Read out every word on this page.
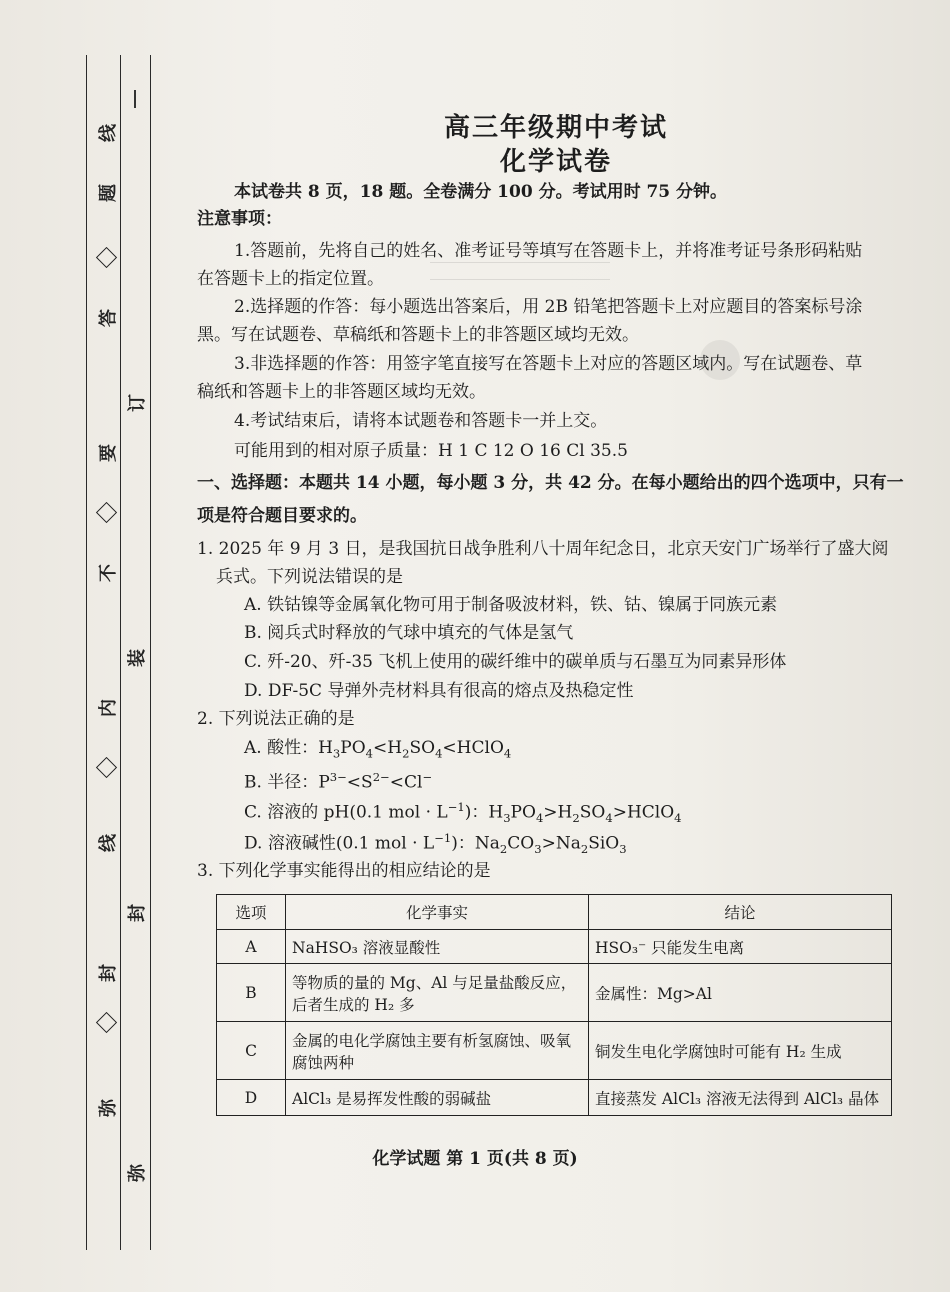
线
题
答
要
不
内
线
封
弥
订
装
封
弥
高三年级期中考试
化学试卷
本试卷共 8 页，18 题。全卷满分 100 分。考试用时 75 分钟。
注意事项：
1.答题前，先将自己的姓名、准考证号等填写在答题卡上，并将准考证号条形码粘贴
在答题卡上的指定位置。
2.选择题的作答：每小题选出答案后，用 2B 铅笔把答题卡上对应题目的答案标号涂
黑。写在试题卷、草稿纸和答题卡上的非答题区域均无效。
3.非选择题的作答：用签字笔直接写在答题卡上对应的答题区域内。写在试题卷、草
稿纸和答题卡上的非答题区域均无效。
4.考试结束后，请将本试题卷和答题卡一并上交。
可能用到的相对原子质量：H 1 C 12 O 16 Cl 35.5
一、选择题：本题共 14 小题，每小题 3 分，共 42 分。在每小题给出的四个选项中，只有一
项是符合题目要求的。
1. 2025 年 9 月 3 日，是我国抗日战争胜利八十周年纪念日，北京天安门广场举行了盛大阅
兵式。下列说法错误的是
A. 铁钴镍等金属氧化物可用于制备吸波材料，铁、钴、镍属于同族元素
B. 阅兵式时释放的气球中填充的气体是氢气
C. 歼-20、歼-35 飞机上使用的碳纤维中的碳单质与石墨互为同素异形体
D. DF-5C 导弹外壳材料具有很高的熔点及热稳定性
2. 下列说法正确的是
A. 酸性：$H_3PO_4<H_2SO_4<HClO_4$
B. 半径：$P^{3-}<S^{2-}<Cl^-$
C. 溶液的 pH(0.1 mol · $L^{-1}$)：$H_3PO_4>H_2SO_4>HClO_4$
D. 溶液碱性(0.1 mol · $L^{-1}$)：$Na_2CO_3>Na_2SiO_3$
3. 下列化学事实能得出的相应结论的是
选项	化学事实	结论
A	NaHSO₃ 溶液显酸性	HSO₃⁻ 只能发生电离
B	等物质的量的 Mg、Al 与足量盐酸反应，后者生成的 H₂ 多	金属性：Mg>Al
C	金属的电化学腐蚀主要有析氢腐蚀、吸氧腐蚀两种	铜发生电化学腐蚀时可能有 H₂ 生成
D	AlCl₃ 是易挥发性酸的弱碱盐	直接蒸发 AlCl₃ 溶液无法得到 AlCl₃ 晶体
化学试题 第 1 页(共 8 页)
